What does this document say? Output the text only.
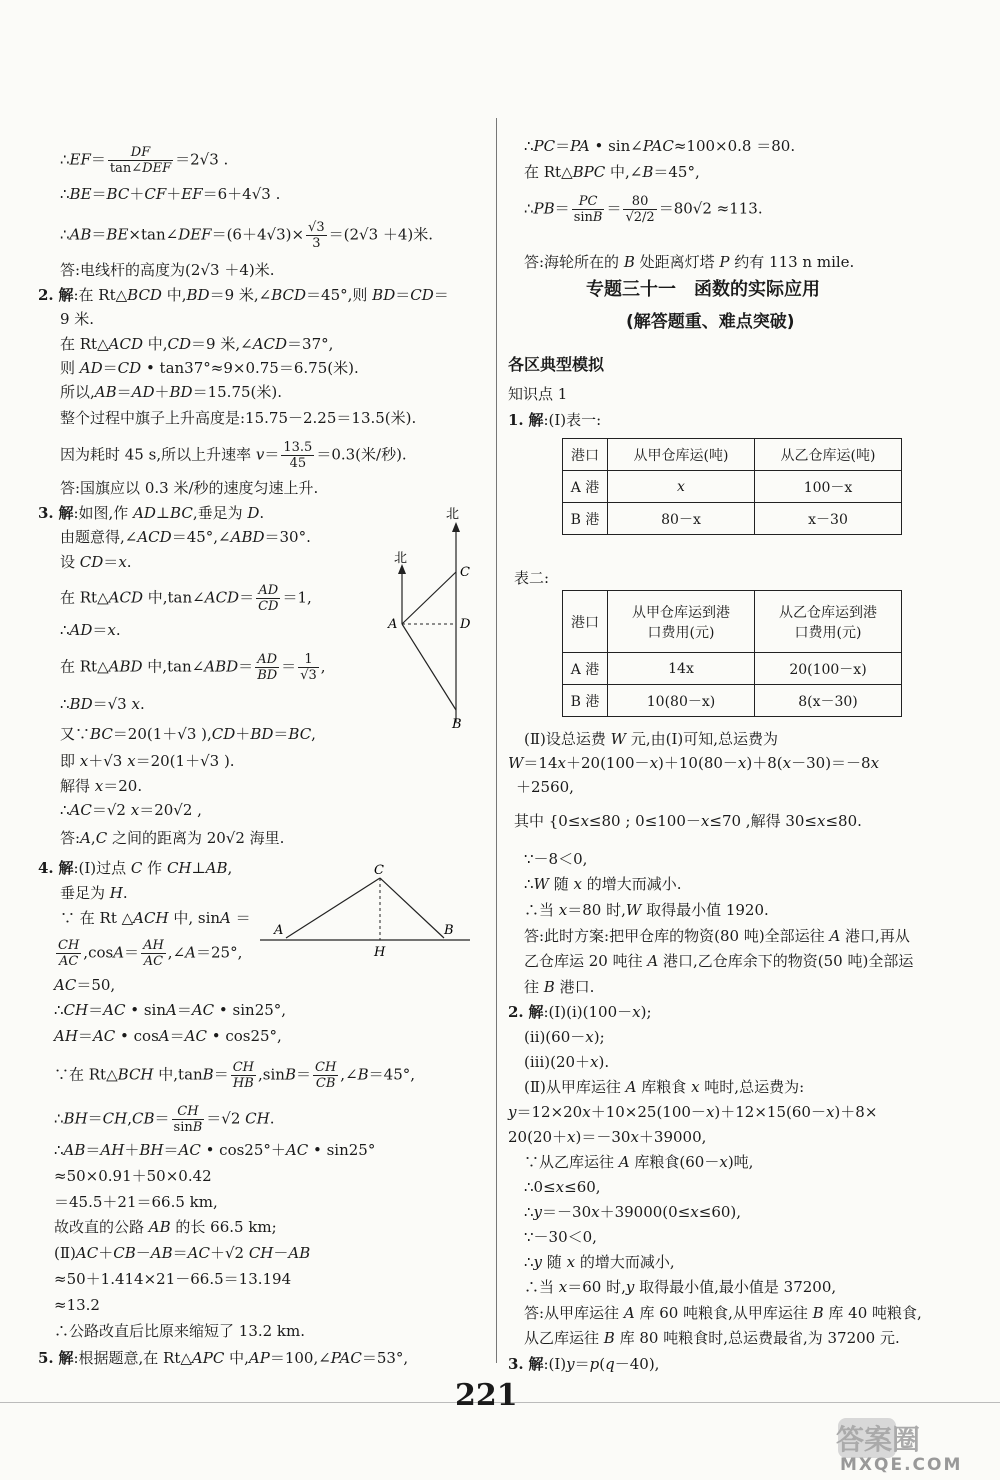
∴EF＝ $\frac{DF}{\text{tan∠DEF}} =2√3$ .
∴BE＝BC＋CF＋EF＝6＋4√3 .
∴AB＝BE×tan∠DEF＝(6＋4√3)× $\frac{√3}{3} =(2√3 +4)$米.
答:电线杆的高度为(2√3 ＋4)米.
2. 解:在 Rt△BCD 中,BD＝9 米,∠BCD＝45°,则 BD＝CD＝
9 米.
在 Rt△ACD 中,CD＝9 米,∠ACD＝37°,
则 AD＝CD • tan37°≈9×0.75＝6.75(米).
所以,AB＝AD＋BD＝15.75(米).
整个过程中旗子上升高度是:15.75－2.25＝13.5(米).
因为耗时 45 s,所以上升速率 $v= \frac{13.5}{45} =0.3$(米/秒).
答:国旗应以 0.3 米/秒的速度匀速上升.
3. 解:如图,作 AD⊥BC,垂足为 D.
由题意得,∠ACD＝45°,∠ABD＝30°.
设 CD＝x.
在 Rt△ACD 中,tan∠ACD＝ $\frac{AD}{CD} =1$,
∴AD＝x.
在 Rt△ABD 中,tan∠ABD＝ $\frac{AD}{BD} = \frac{1}{√3}$ ,
∴BD＝√3 x.
又∵BC＝20(1＋√3 ),CD＋BD＝BC,
即 x＋√3 x＝20(1＋√3 ).
解得 x＝20.
∴AC＝√2 x＝20√2 ,
答:A,C 之间的距离为 20√2 海里.
4. 解:(Ⅰ)过点 C 作 CH⊥AB,
垂足为 H.
∵ 在 Rt △ACH 中, sinA ＝
$\frac{CH}{AC} ,\cos A= \frac{AH}{AC}$ ,∠A＝25°,
AC＝50,
∴CH＝AC • sinA＝AC • sin25°,
AH＝AC • cosA＝AC • cos25°,
∵在 Rt△BCH 中$,\tan B= \frac{CH}{HB} ,\sin B= \frac{CH}{CB}$ ,∠B＝45°,
∴BH＝CH,CB＝ $\frac{CH}{\sin B} =√2$ CH.
∴AB＝AH＋BH＝AC • cos25°＋AC • sin25°
≈50×0.91＋50×0.42
＝45.5＋21＝66.5 km,
故改直的公路 AB 的长 66.5 km;
(Ⅱ)AC＋CB－AB＝AC＋√2 CH－AB
≈50＋1.414×21－66.5＝13.194
≈13.2
∴公路改直后比原来缩短了 13.2 km.
5. 解:根据题意,在 Rt△APC 中,AP＝100,∠PAC＝53°,
专题三十一　函数的实际应用
(解答题重、难点突破)
港口	从甲仓库运(吨)	从乙仓库运(吨)
A 港	x	100－x
B 港	80－x	x－30
港口	从甲仓库运到港口费用(元)	从乙仓库运到港口费用(元)
A 港	14x	20(100－x)
B 港	10(80－x)	8(x－30)
∴PC＝PA • sin∠PAC≈100×0.8 ＝80.
在 Rt△BPC 中,∠B＝45°,
∴PB＝ $\frac{PC}{\sin B} = \frac{80}{√2/2} =80√2 \approx 113$.
答:海轮所在的 B 处距离灯塔 P 约有 113 n mile.
各区典型模拟
知识点 1
1. 解:(Ⅰ)表一:
表二:
(Ⅱ)设总运费 W 元,由(Ⅰ)可知,总运费为
W＝14x＋20(100－x)＋10(80－x)＋8(x－30)＝－8x
＋2560,
其中 {0≤x≤80 ; 0≤100－x≤70 ,解得 30≤x≤80.
∵－8＜0,
∴W 随 x 的增大而减小.
∴当 x＝80 时,W 取得最小值 1920.
答:此时方案:把甲仓库的物资(80 吨)全部运往 A 港口,再从
乙仓库运 20 吨往 A 港口,乙仓库余下的物资(50 吨)全部运
往 B 港口.
2. 解:(Ⅰ)(ⅰ)(100－x);
(ⅱ)(60－x);
(ⅲ)(20＋x).
(Ⅱ)从甲库运往 A 库粮食 x 吨时,总运费为:
y＝12×20x＋10×25(100－x)＋12×15(60－x)＋8×
20(20＋x)＝－30x＋39000,
∵从乙库运往 A 库粮食(60－x)吨,
∴0≤x≤60,
∴y＝－30x＋39000(0≤x≤60),
∵－30＜0,
∴y 随 x 的增大而减小,
∴当 x＝60 时,y 取得最小值,最小值是 37200,
答:从甲库运往 A 库 60 吨粮食,从甲库运往 B 库 40 吨粮食,
从乙库运往 B 库 80 吨粮食时,总运费最省,为 37200 元.
3. 解:(Ⅰ)y＝p(q－40),
北
北
A
C
D
B
C
A	B
H
221
答案圈
MXQE.COM
